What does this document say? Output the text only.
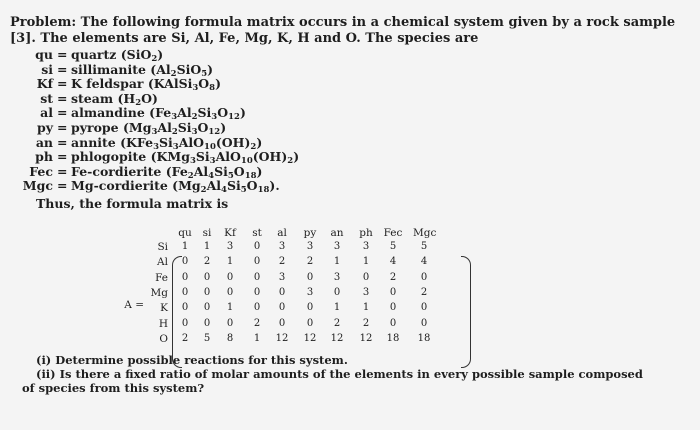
Problem: The following formula matrix occurs in a chemical system given by a rock sample
[3]. The elements are Si, Al, Fe, Mg, K, H and O. The species are
qu = quartz (SiO$_2$)
si = sillimanite $(Al_2SiO_5)$
Kf = K feldspar $(KAlSi_3O_8)$
st = steam $(H_2O)$
al = almandine $(Fe_3Al_2Si_3O_{12})$
py = pyrope $(Mg_3Al_2Si_3O_{12})$
an = annite $(KFe_3Si_3AlO_{10}(OH)_2)$
ph = phlogopite $(KMg_3Si_3AlO_{10}(OH)_2)$
Fec = Fe-cordierite $(Fe_2Al_4Si_5O_{18})$
Mgc = Mg-cordierite $(Mg_2Al_4Si_5O_{18})$.
Thus, the formula matrix is
A =
qu	si	Kf	st	al	py	an	ph	Fec Mgc
Si	1	1	3	0	3	3	3	3	5	5
Al	0	2	1	0	2	2	1	1	4	4
Fe	0	0	0	0	3	0	3	0	2	0
Mg	0	0	0	0	0	3	0	3	0	2
K	0	0	1	0	0	0	1	1	0	0
H	0	0	0	2	0	0	2	2	0	0
O	2	5	8	1	12	12	12	12	18	18
(i) Determine possible reactions for this system.
(ii) Is there a fixed ratio of molar amounts of the elements in every possible sample composed
of species from this system?
